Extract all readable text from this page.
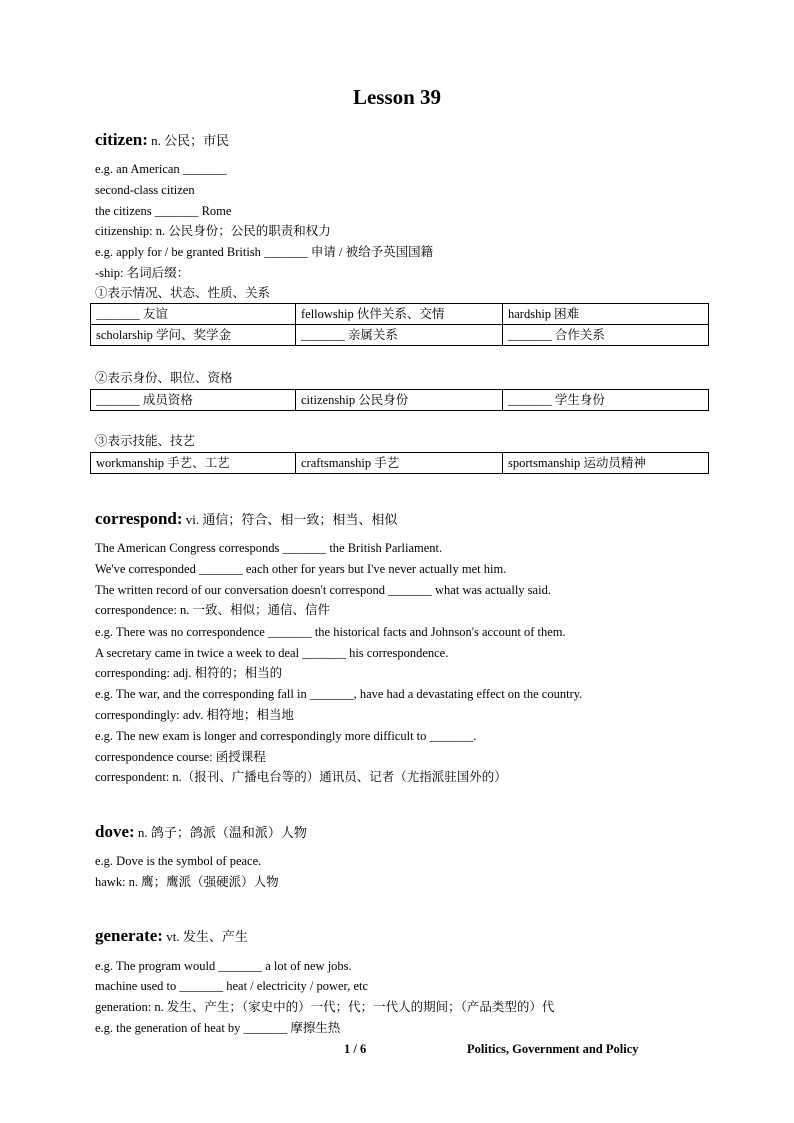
Lesson 39
citizen: n. 公民；市民
e.g. an American _______
second-class citizen
the citizens _______ Rome
citizenship: n. 公民身份；公民的职责和权力
e.g. apply for / be granted British _______ 申请 / 被给予英国国籍
-ship: 名词后缀：
①表示情况、状态、性质、关系
_______ 友谊	fellowship 伙伴关系、交情	hardship 困难
scholarship 学问、奖学金	_______ 亲属关系	_______ 合作关系
②表示身份、职位、资格
_______ 成员资格	citizenship 公民身份	_______ 学生身份
③表示技能、技艺
workmanship 手艺、工艺	craftsmanship 手艺	sportsmanship 运动员精神
correspond: vi. 通信；符合、相一致；相当、相似
The American Congress corresponds _______ the British Parliament.
We've corresponded _______ each other for years but I've never actually met him.
The written record of our conversation doesn't correspond _______ what was actually said.
correspondence: n. 一致、相似；通信、信件
e.g. There was no correspondence _______ the historical facts and Johnson's account of them.
A secretary came in twice a week to deal _______ his correspondence.
corresponding: adj. 相符的；相当的
e.g. The war, and the corresponding fall in _______, have had a devastating effect on the country.
correspondingly: adv. 相符地；相当地
e.g. The new exam is longer and correspondingly more difficult to _______.
correspondence course: 函授课程
correspondent: n.（报刊、广播电台等的）通讯员、记者（尤指派驻国外的）
dove: n. 鸽子；鸽派（温和派）人物
e.g. Dove is the symbol of peace.
hawk: n. 鹰；鹰派（强硬派）人物
generate: vt. 发生、产生
e.g. The program would _______ a lot of new jobs.
machine used to _______ heat / electricity / power, etc
generation: n. 发生、产生；（家史中的）一代；代；一代人的期间；（产品类型的）代
e.g. the generation of heat by _______ 摩擦生热
1 / 6	Politics, Government and Policy
